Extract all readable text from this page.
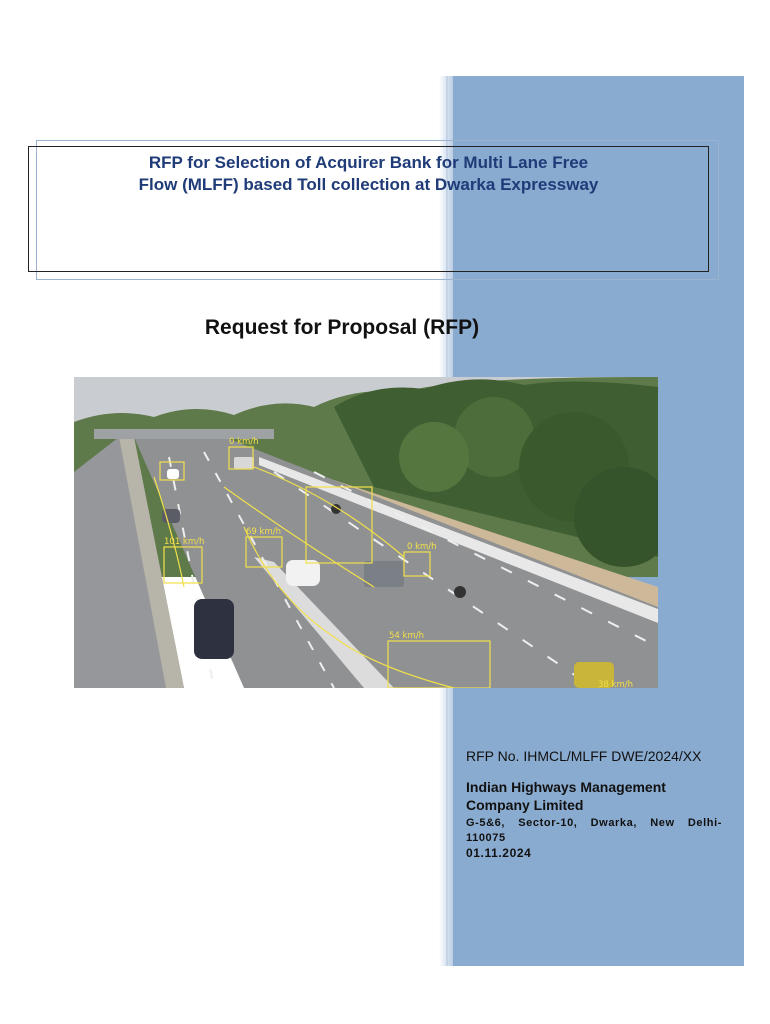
RFP for Selection of Acquirer Bank for Multi Lane Free
Flow (MLFF) based Toll collection at Dwarka Expressway
Request for Proposal (RFP)
0 km/h
69 km/h
101 km/h	0 km/h
54 km/h
38 km/h
RFP No. IHMCL/MLFF DWE/2024/XX
Indian Highways Management Company Limited
G-5&6, Sector-10, Dwarka, New Delhi-110075
01.11.2024
